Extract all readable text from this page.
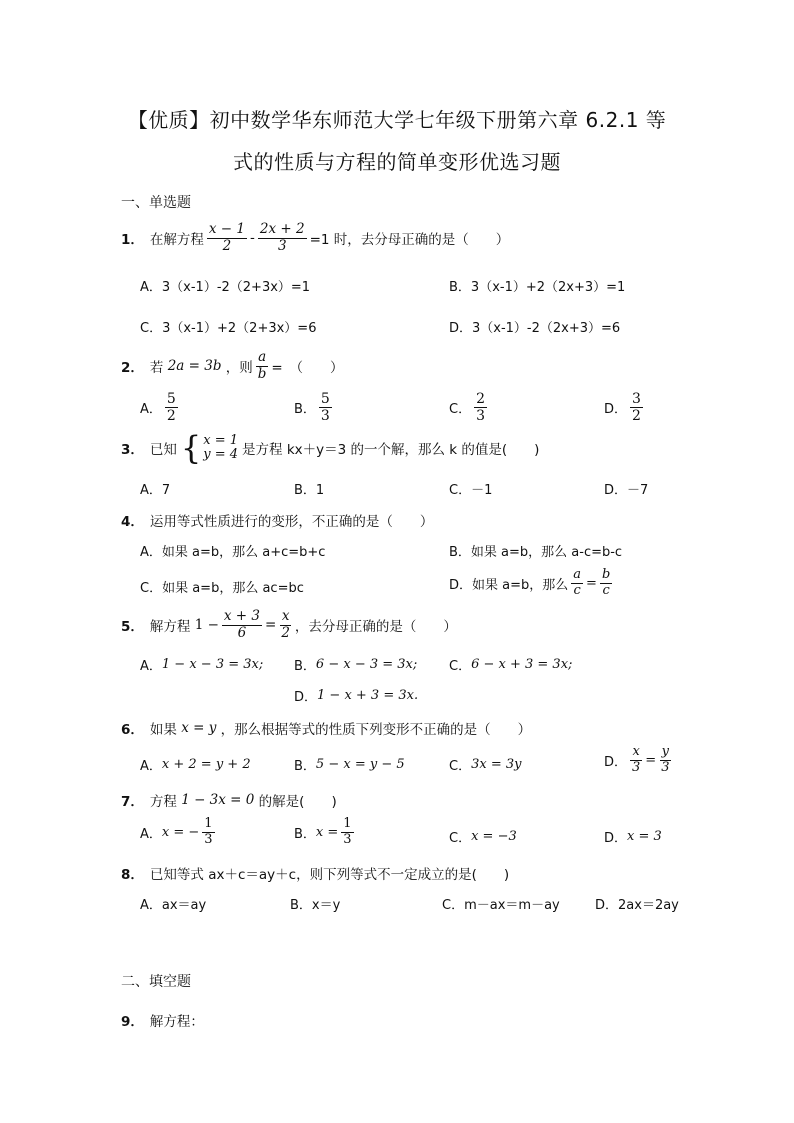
【优质】初中数学华东师范大学七年级下册第六章 6.2.1 等
式的性质与方程的简单变形优选习题
一、单选题
1． 在解方程 $\frac{x - 1}{2} - \frac{2x + 2}{3} =1$ 时，去分母正确的是（　　）
A．3（x-1）-2（2+3x）=1	B．3（x-1）+2（2x+3）=1
C．3（x-1）+2（2+3x）=6	D．3（x-1）-2（2x+3）=6
2． 若
2a = 3b
，则 $\frac{a}{b}$ =　（　　）
A． $\frac{5}{2}$	B． $\frac{5}{3}$	C． $\frac{2}{3}$	D． $\frac{3}{2}$
3． 已知 { x = 1
y = 4 是方程 kx＋y＝3 的一个解，那么 k 的值是(　　)
A．7	B．1	C．－1	D．－7
4． 运用等式性质进行的变形，不正确的是（　　）
A．如果 a=b，那么 a+c=b+c	B．如果 a=b，那么 a-c=b-c
C．如果 a=b，那么 ac=bc	D．如果 a=b，那么 $\frac{a}{c} = \frac{b}{c}$
5． 解方程
$1 - \frac{x + 3}{6} = \frac{x}{2}$ ，去分母正确的是（　　）
A． 1 − x − 3 = 3x; B． 6 − x − 3 = 3x; C． 6 − x + 3 = 3x;
D． 1 − x + 3 = 3x.
6． 如果
x = y
，那么根据等式的性质下列变形不正确的是（　　）
A． x + 2 = y + 2	B． 5 − x = y − 5	C． 3x = 3y	D． $\frac{x}{3} = \frac{y}{3}$
7． 方程
1 − 3x = 0
的解是(　　)
A． x = − $\frac{1}{3}$	B． $x = \frac{1}{3}$	C． x = −3	D． x = 3
8． 已知等式 ax＋c＝ay＋c，则下列等式不一定成立的是(　　)
A．ax＝ay	B．x＝y	C．m－ax＝m－ay	D．2ax＝2ay
二、填空题
9． 解方程：
